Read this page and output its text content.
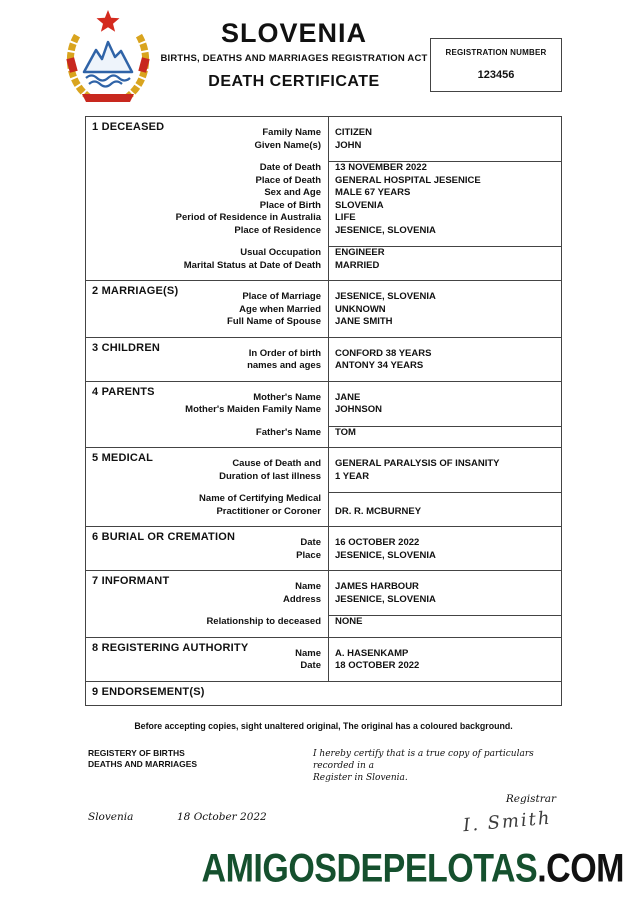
SLOVENIA
BIRTHS, DEATHS AND MARRIAGES REGISTRATION ACT
DEATH CERTIFICATE
REGISTRATION NUMBER
123456
1 DECEASED	Family Name	CITIZEN
Given Name(s)	JOHN
Date of Death	13 NOVEMBER 2022
Place of Death	GENERAL HOSPITAL JESENICE
Sex and Age	MALE 67 YEARS
Place of Birth	SLOVENIA
Period of Residence in Australia	LIFE
Place of Residence	JESENICE, SLOVENIA
Usual Occupation	ENGINEER
Marital Status at Date of Death	MARRIED
2 MARRIAGE(S)	Place of Marriage	JESENICE, SLOVENIA
Age when Married	UNKNOWN
Full Name of Spouse	JANE SMITH
3 CHILDREN	In Order of birth	CONFORD 38 YEARS
names and ages	ANTONY 34 YEARS
4 PARENTS	Mother's Name	JANE
Mother's Maiden Family Name	JOHNSON
Father's Name	TOM
5 MEDICAL	Cause of Death and	GENERAL PARALYSIS OF INSANITY
Duration of last illness	1 YEAR
Name of Certifying Medical
Practitioner or Coroner	DR. R. MCBURNEY
6 BURIAL OR CREMATION	Date	16 OCTOBER 2022
Place	JESENICE, SLOVENIA
7 INFORMANT	Name	JAMES HARBOUR
Address	JESENICE, SLOVENIA
Relationship to deceased	NONE
8 REGISTERING AUTHORITY	Name	A. HASENKAMP
Date	18 OCTOBER 2022
9 ENDORSEMENT(S)
Before accepting copies, sight unaltered original, The original has a coloured background.
REGISTERY OF BIRTHS
DEATHS AND MARRIAGES
I hereby certify that is a true copy of particulars recorded in a
Register in Slovenia.
Registrar
Slovenia	18 October 2022	I. Smith
AMIGOSDEPELOTAS.COM
